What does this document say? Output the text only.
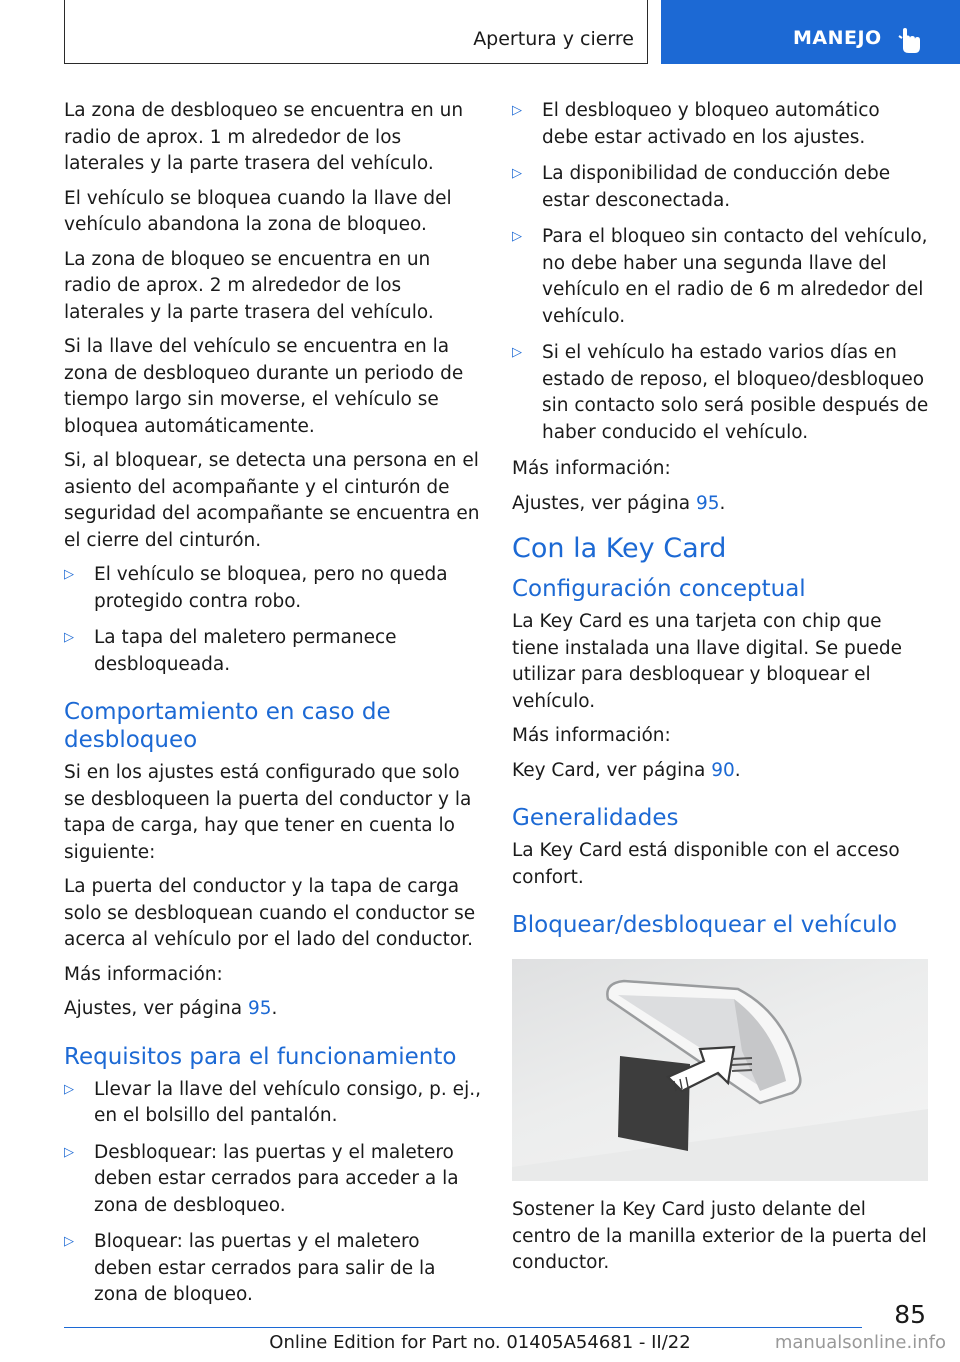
Apertura y cierre	MANEJO

La zona de desbloqueo se encuentra en un radio de aprox. 1 m alrededor de los laterales y la parte trasera del vehículo.

El vehículo se bloquea cuando la llave del vehículo abandona la zona de bloqueo.

La zona de bloqueo se encuentra en un radio de aprox. 2 m alrededor de los laterales y la parte trasera del vehículo.

Si la llave del vehículo se encuentra en la zona de desbloqueo durante un periodo de tiempo largo sin moverse, el vehículo se bloquea automáticamente.

Si, al bloquear, se detecta una persona en el asiento del acompañante y el cinturón de seguridad del acompañante se encuentra en el cierre del cinturón.

▷	El vehículo se bloquea, pero no queda protegido contra robo.
▷	La tapa del maletero permanece desbloqueada.
Comportamiento en caso de desbloqueo

Si en los ajustes está configurado que solo se desbloqueen la puerta del conductor y la tapa de carga, hay que tener en cuenta lo siguiente:

La puerta del conductor y la tapa de carga solo se desbloquean cuando el conductor se acerca al vehículo por el lado del conductor.

Más información:

Ajustes, ver página 95.

Requisitos para el funcionamiento
▷	Llevar la llave del vehículo consigo, p. ej., en el bolsillo del pantalón.
▷	Desbloquear: las puertas y el maletero deben estar cerrados para acceder a la zona de desbloqueo.
▷	Bloquear: las puertas y el maletero deben estar cerrados para salir de la zona de bloqueo.
▷	El desbloqueo y bloqueo automático debe estar activado en los ajustes.
▷	La disponibilidad de conducción debe estar desconectada.
▷	Para el bloqueo sin contacto del vehículo, no debe haber una segunda llave del vehículo en el radio de 6 m alrededor del vehículo.
▷	Si el vehículo ha estado varios días en estado de reposo, el bloqueo/desbloqueo sin contacto solo será posible después de haber conducido el vehículo.

Más información:

Ajustes, ver página 95.

Con la Key Card
Configuración conceptual

La Key Card es una tarjeta con chip que tiene instalada una llave digital. Se puede utilizar para desbloquear y bloquear el vehículo.

Más información:

Key Card, ver página 90.

Generalidades

La Key Card está disponible con el acceso confort.

Bloquear/desbloquear el vehículo

Sostener la Key Card justo delante del centro de la manilla exterior de la puerta del conductor.

85
Online Edition for Part no. 01405A54681 - II/22	manualsonline.info
